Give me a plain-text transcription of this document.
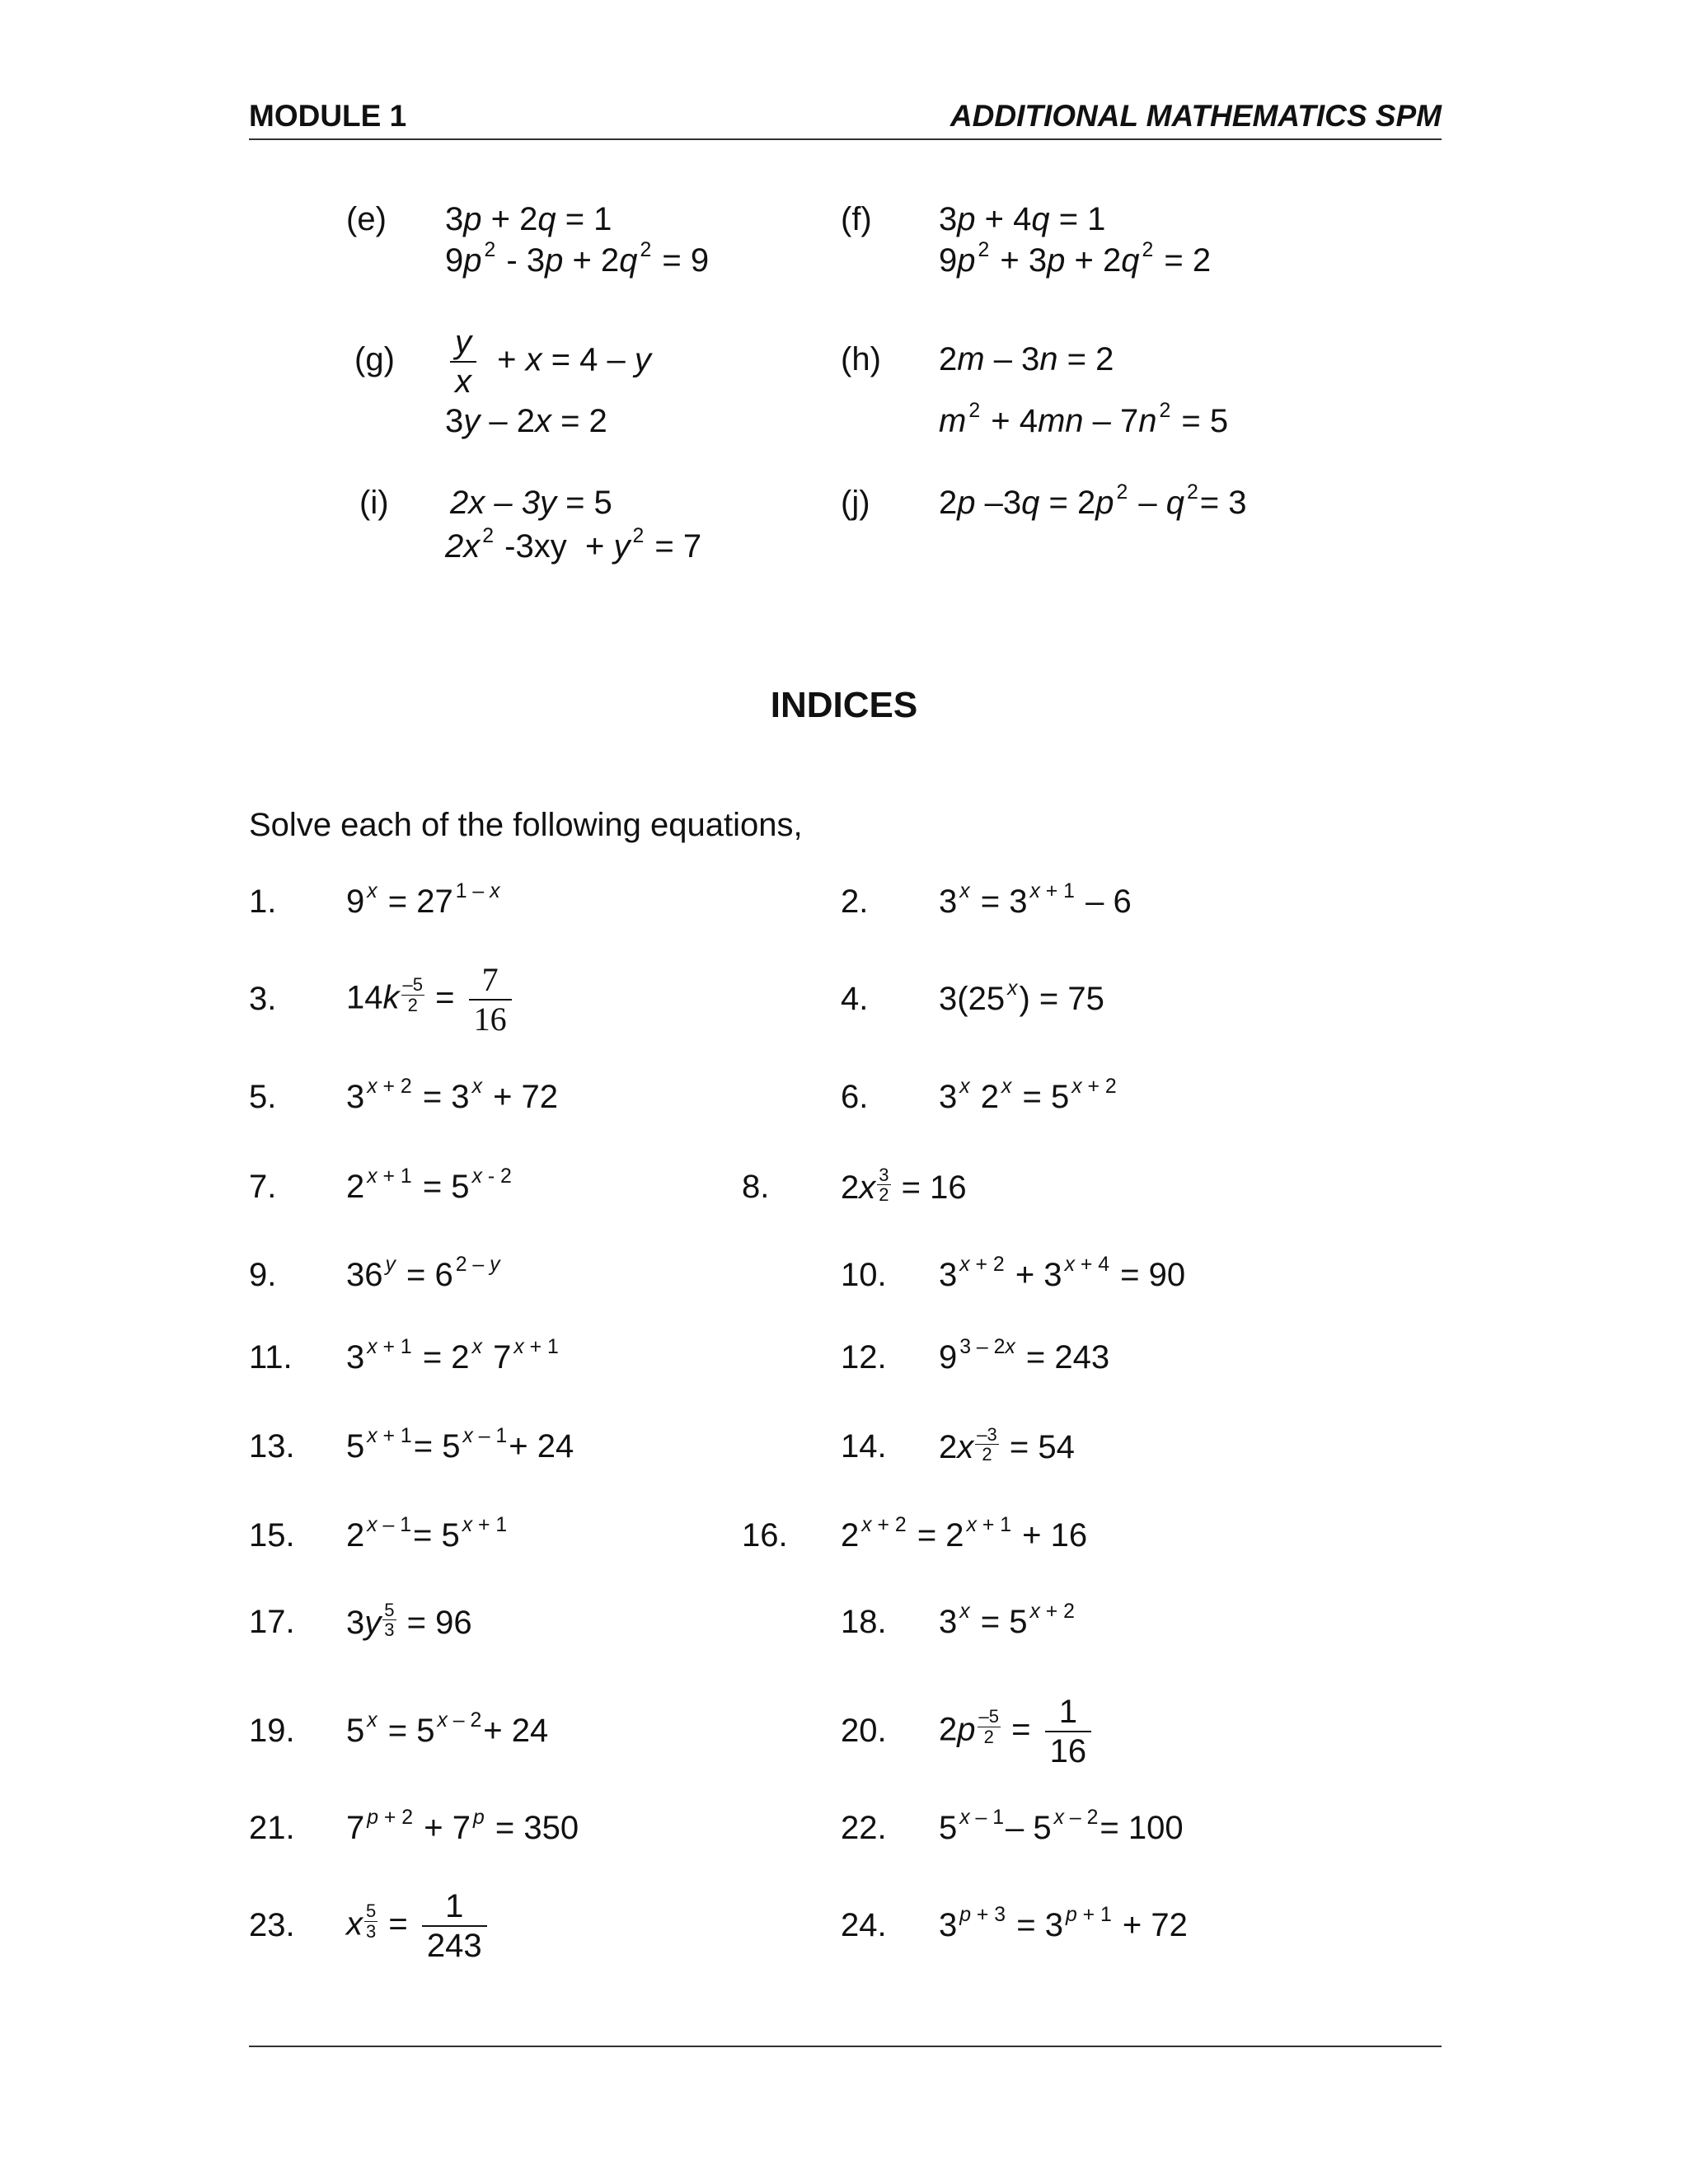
MODULE 1	ADDITIONAL MATHEMATICS SPM
(e) 3p + 2q = 1
9p $^2$ - 3p + 2q $^2$ = 9
(f) 3p + 4q = 1
9p $^2$ + 3p + 2q $^2$ = 2
$(g) \frac{y}{x} + x = 4 - y$
3y – 2x = 2
(h) 2m – 3n = 2
m $^2$ + 4mn – 7n $^2$ = 5
(i) 2x – 3y = 5
2x $^2$ -3xy  + y $^2$ = 7
(j) 2p –3q = 2p $^2$ – q $^2$= 3
INDICES
Solve each of the following equations,
1. 9 $^x$ = 27 $^{1 - x}$	2. 3 $^x$ = 3 $^{x + 1}$ – 6
3. $14k \frac{-5}{2} = \frac{7}{16}$	4. 3(25 $^x$) = 75
5. 3 $^{x + 2}$ = 3 $^x$ + 72	6. 3 $^x$ 2 $^x$ = 5 $^{x + 2}$
7. 2 $^{x + 1}$ = 5 $^{x - 2}$	8. $2x \frac{3}{2} = 16$
9. 36 $^y$ = 6 $^{2 - y}$	10. 3 $^{x + 2}$ + 3 $^{x + 4}$ = 90
11. 3 $^{x + 1}$ = 2 $^x$ 7 $^{x + 1}$	12. 9 $^{3 - 2x}$ = 243
13. 5 $^{x + 1}$= 5 $^{x - 1}$+ 24	14. $2x \frac{-3}{2} = 54$
15. 2 $^{x - 1}$= 5 $^{x + 1}$	16. 2 $^{x + 2}$ = 2 $^{x + 1}$ + 16
17. $3y \frac{5}{3} = 96$	18. 3 $^x$ = 5 $^{x + 2}$
19. 5 $^x$ = 5 $^{x - 2}$+ 24	20. $2p \frac{-5}{2} = \frac{1}{16}$
21. 7 $^{p + 2}$ + 7 $^p$ = 350	22. 5 $^{x - 1}$– 5 $^{x - 2}$= 100
23. x $\frac{5}{3} = \frac{1}{243}$	24. 3 $^{p + 3}$ = 3 $^{p + 1}$ + 72
